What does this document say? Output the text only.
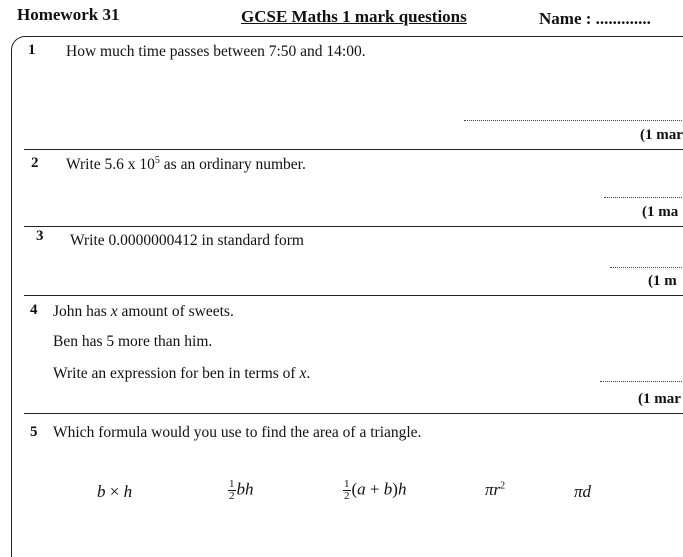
Homework 31	GCSE Maths 1 mark questions	Name : .............
1 How much time passes between 7:50 and 14:00.
(1 mar
2 Write 5.6 x $10^5$ as an ordinary number.
(1 ma
3 Write 0.0000000412 in standard form
(1 m
4 John has x amount of sweets.
Ben has 5 more than him.
Write an expression for ben in terms of x.
(1 mar
5 Which formula would you use to find the area of a triangle.
b × h	$\frac{1}{2}$ bh	$\frac{1}{2} (a + b)h$	$\pi r^2$	πd
